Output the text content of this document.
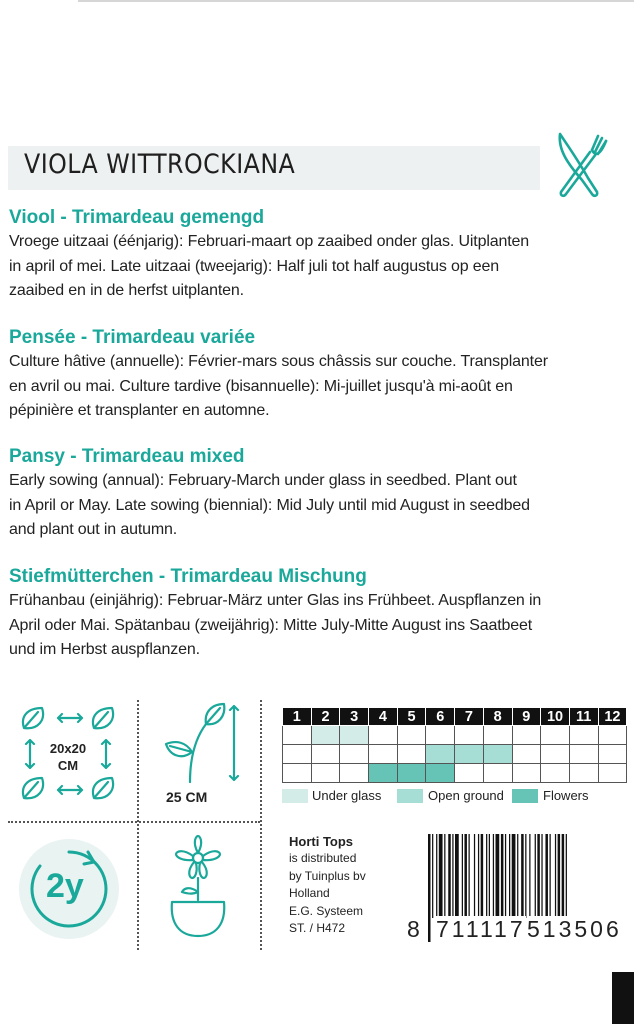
VIOLA WITTROCKIANA
Viool - Trimardeau gemengd

Vroege uitzaai (éénjarig): Februari-maart op zaaibed onder glas. Uitplanten

in april of mei. Late uitzaai (tweejarig): Half juli tot half augustus op een

zaaibed en in de herfst uitplanten.

Pensée - Trimardeau variée

Culture hâtive (annuelle): Février-mars sous châssis sur couche. Transplanter

en avril ou mai. Culture tardive (bisannuelle): Mi-juillet jusqu'à mi-août en

pépinière et transplanter en automne.

Pansy - Trimardeau mixed

Early sowing (annual): February-March under glass in seedbed. Plant out

in April or May. Late sowing (biennial): Mid July until mid August in seedbed

and plant out in autumn.

Stiefmütterchen - Trimardeau Mischung

Frühanbau (einjährig): Februar-März unter Glas ins Frühbeet. Auspflanzen in

April oder Mai. Spätanbau (zweijährig): Mitte July-Mitte August ins Saatbeet

und im Herbst auspflanzen.

20x20
CM
25 CM
2y
1	2	3	4	5	6	7	8	9	10	11	12

Under glass	Open ground	Flowers
Horti Tops
is distributed
by Tuinplus bv
Holland
E.G. Systeem
ST. / H472	8 711117 513506
